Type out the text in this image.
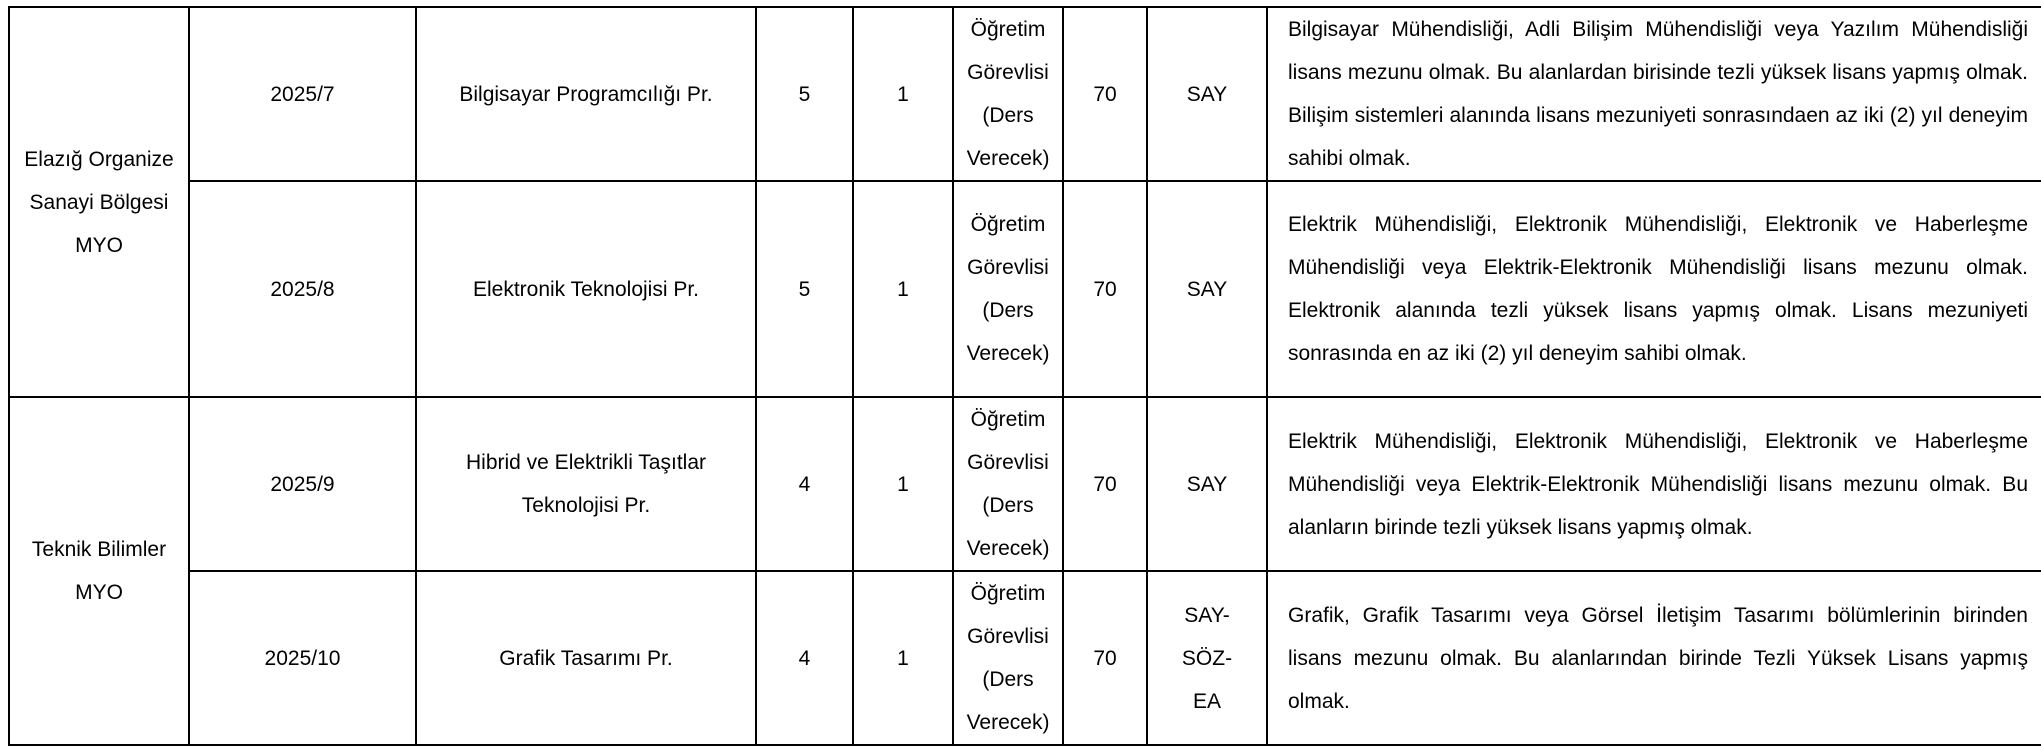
Elazığ Organize Sanayi Bölgesi MYO	2025/7	Bilgisayar Programcılığı Pr.	5	1	Öğretim Görevlisi (Ders Verecek)	70	SAY	Bilgisayar Mühendisliği, Adli Bilişim Mühendisliği veya Yazılım Mühendisliği lisans mezunu olmak. Bu alanlardan birisinde tezli yüksek lisans yapmış olmak. Bilişim sistemleri alanında lisans mezuniyeti sonrasındaen az iki (2) yıl deneyim sahibi olmak.
	2025/8	Elektronik Teknolojisi Pr.	5	1	Öğretim Görevlisi (Ders Verecek)	70	SAY	Elektrik Mühendisliği, Elektronik Mühendisliği, Elektronik ve Haberleşme Mühendisliği veya Elektrik-Elektronik Mühendisliği lisans mezunu olmak. Elektronik alanında tezli yüksek lisans yapmış olmak. Lisans mezuniyeti sonrasında en az iki (2) yıl deneyim sahibi olmak.
Teknik Bilimler MYO	2025/9	Hibrid ve Elektrikli Taşıtlar Teknolojisi Pr.	4	1	Öğretim Görevlisi (Ders Verecek)	70	SAY	Elektrik Mühendisliği, Elektronik Mühendisliği, Elektronik ve Haberleşme Mühendisliği veya Elektrik-Elektronik Mühendisliği lisans mezunu olmak. Bu alanların birinde tezli yüksek lisans yapmış olmak.
	2025/10	Grafik Tasarımı Pr.	4	1	Öğretim Görevlisi (Ders Verecek)	70	SAY-SÖZ-EA	Grafik, Grafik Tasarımı veya Görsel İletişim Tasarımı bölümlerinin birinden lisans mezunu olmak. Bu alanlarından birinde Tezli Yüksek Lisans yapmış olmak.
